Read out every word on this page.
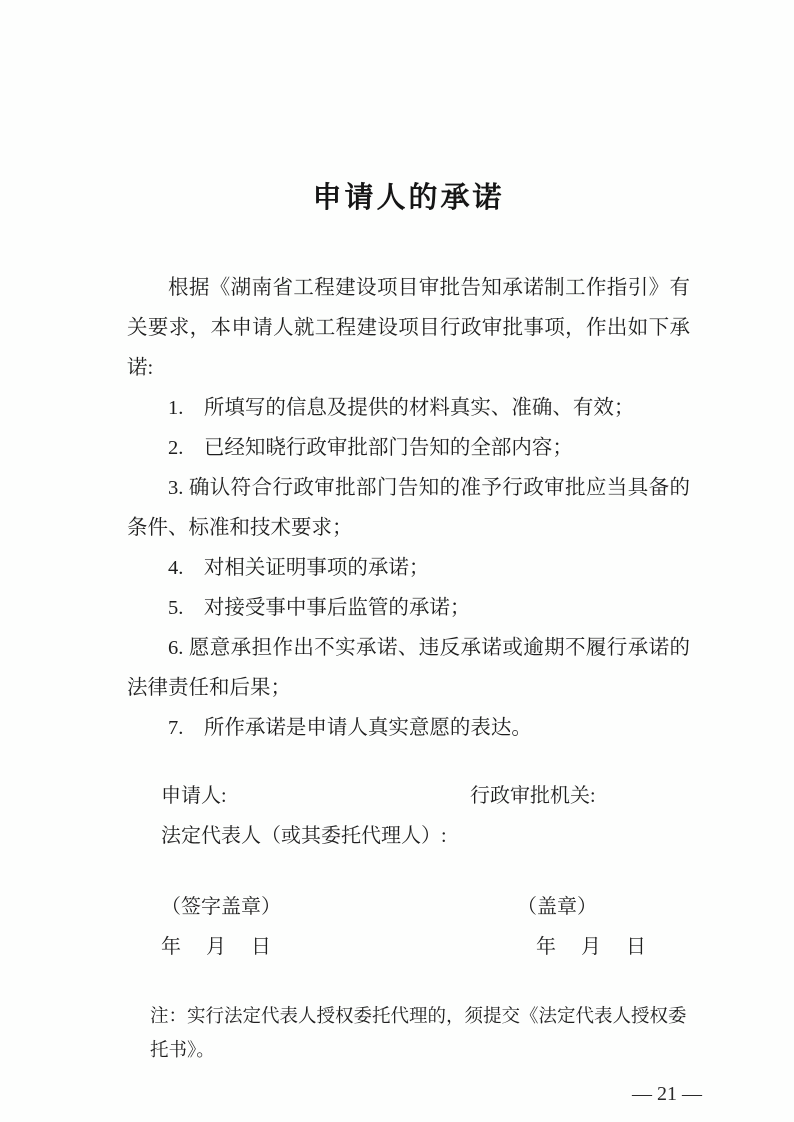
申请人的承诺

根据《湖南省工程建设项目审批告知承诺制工作指引》有关要求，本申请人就工程建设项目行政审批事项，作出如下承诺:

1.　所填写的信息及提供的材料真实、准确、有效；

2.　已经知晓行政审批部门告知的全部内容；

3. 确认符合行政审批部门告知的准予行政审批应当具备的条件、标准和技术要求；

4.　对相关证明事项的承诺；

5.　对接受事中事后监管的承诺；

6. 愿意承担作出不实承诺、违反承诺或逾期不履行承诺的法律责任和后果；

7.　所作承诺是申请人真实意愿的表达。

申请人:	行政审批机关:
法定代表人（或其委托代理人）:
（签字盖章）	（盖章）
年　 月　 日	年　 月　 日
注：实行法定代表人授权委托代理的，须提交《法定代表人授权委托书》。
— 21 —
